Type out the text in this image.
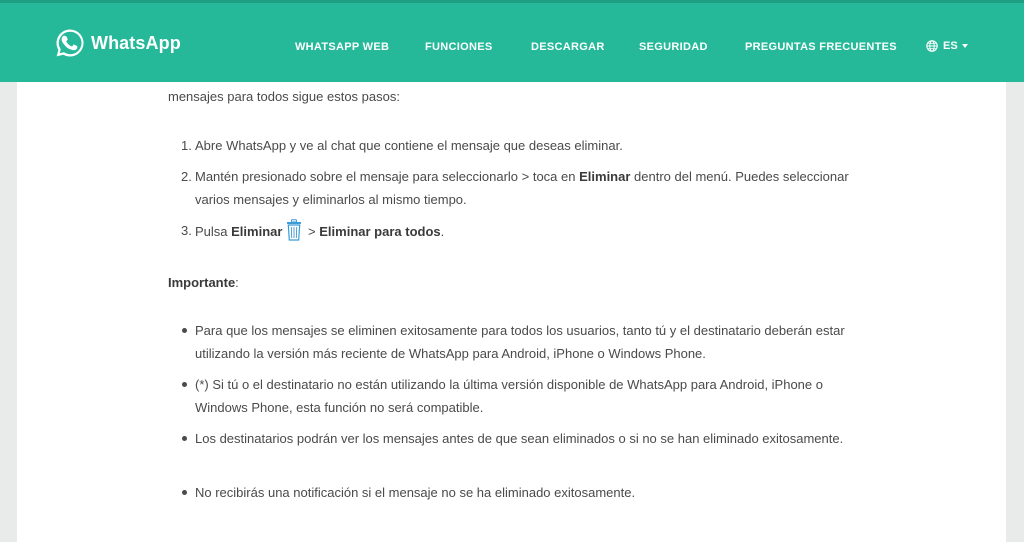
WhatsApp	WHATSAPP WEB	FUNCIONES	DESCARGAR	SEGURIDAD	PREGUNTAS FRECUENTES	ES

mensajes para todos sigue estos pasos:

1. Abre WhatsApp y ve al chat que contiene el mensaje que deseas eliminar.
2. Mantén presionado sobre el mensaje para seleccionarlo > toca en Eliminar dentro del menú. Puedes seleccionar varios mensajes y eliminarlos al mismo tiempo.
3. Pulsa Eliminar > Eliminar para todos.

Importante:

Para que los mensajes se eliminen exitosamente para todos los usuarios, tanto tú y el destinatario deberán estar utilizando la versión más reciente de WhatsApp para Android, iPhone o Windows Phone.
(*) Si tú o el destinatario no están utilizando la última versión disponible de WhatsApp para Android, iPhone o Windows Phone, esta función no será compatible.
Los destinatarios podrán ver los mensajes antes de que sean eliminados o si no se han eliminado exitosamente.
No recibirás una notificación si el mensaje no se ha eliminado exitosamente.
